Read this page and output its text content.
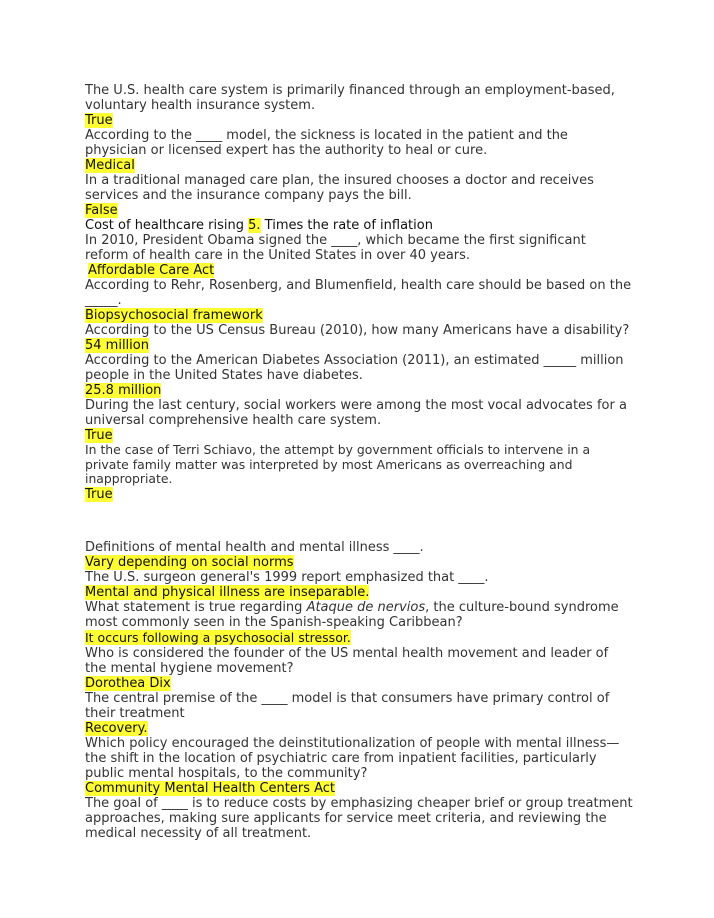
The U.S. health care system is primarily financed through an employment-based, voluntary health insurance system.
True
According to the ____ model, the sickness is located in the patient and the physician or licensed expert has the authority to heal or cure.
Medical
In a traditional managed care plan, the insured chooses a doctor and receives services and the insurance company pays the bill.
False
Cost of healthcare rising 5. Times the rate of inflation
In 2010, President Obama signed the ____, which became the first significant reform of health care in the United States in over 40 years.
Affordable Care Act
According to Rehr, Rosenberg, and Blumenfield, health care should be based on the _____.
Biopsychosocial framework
According to the US Census Bureau (2010), how many Americans have a disability?
54 million
According to the American Diabetes Association (2011), an estimated _____ million people in the United States have diabetes.
25.8 million
During the last century, social workers were among the most vocal advocates for a universal comprehensive health care system.
True
In the case of Terri Schiavo, the attempt by government officials to intervene in a private family matter was interpreted by most Americans as overreaching and inappropriate.
True
Definitions of mental health and mental illness ____.
Vary depending on social norms
The U.S. surgeon general's 1999 report emphasized that ____.
Mental and physical illness are inseparable.
What statement is true regarding Ataque de nervios, the culture-bound syndrome most commonly seen in the Spanish-speaking Caribbean?
It occurs following a psychosocial stressor.
Who is considered the founder of the US mental health movement and leader of the mental hygiene movement?
Dorothea Dix
The central premise of the ____ model is that consumers have primary control of their treatment
Recovery.
Which policy encouraged the deinstitutionalization of people with mental illness—the shift in the location of psychiatric care from inpatient facilities, particularly public mental hospitals, to the community?
Community Mental Health Centers Act
The goal of ____ is to reduce costs by emphasizing cheaper brief or group treatment approaches, making sure applicants for service meet criteria, and reviewing the medical necessity of all treatment.
